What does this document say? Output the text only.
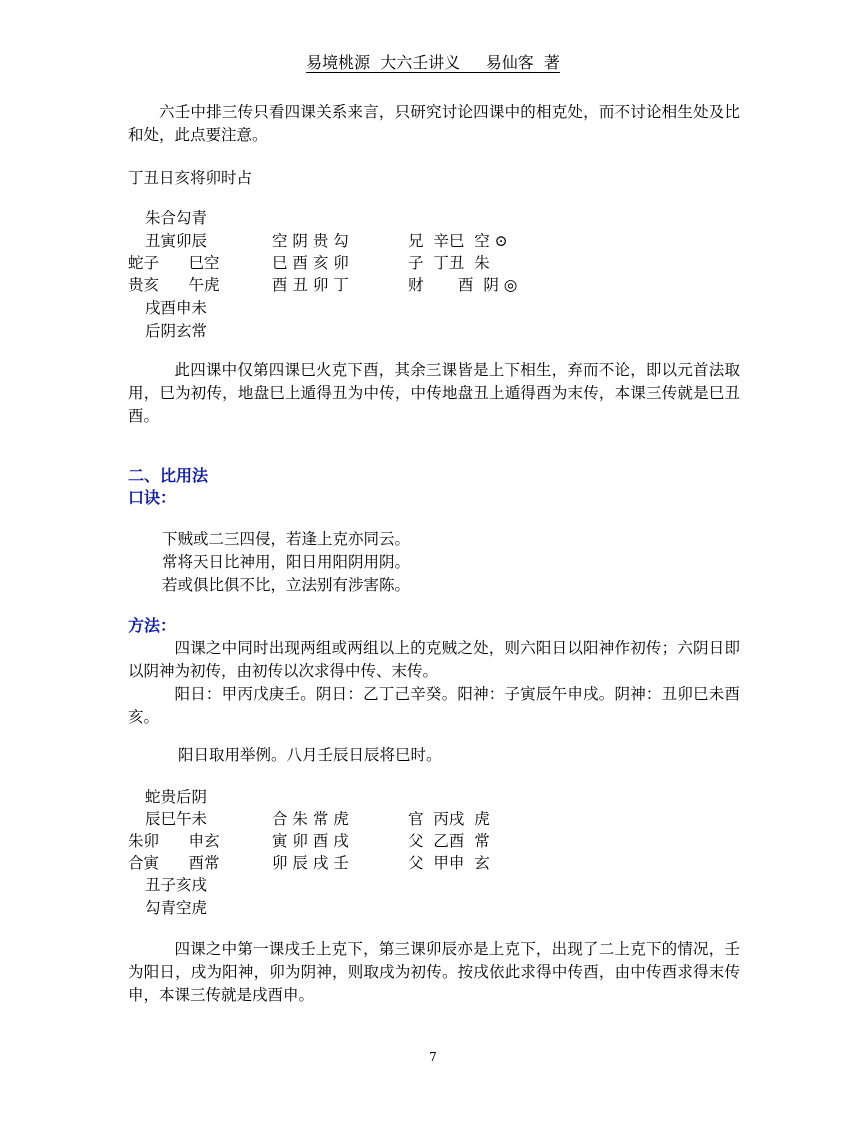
易境桃源  大六壬讲义     易仙客  著

六壬中排三传只看四课关系来言，只研究讨论四课中的相克处，而不讨论相生处及比和处，此点要注意。

丁丑日亥将卯时占
朱合勾青
丑寅卯辰
蛇子      巳空
贵亥      午虎
戌酉申未
后阴玄常
空 阴 贵 勾
巳 酉 亥 卯
酉 丑 卯 丁
兄  辛巳  空 ⊙
子  丁丑  朱
财       酉  阴 ◎

此四课中仅第四课巳火克下酉，其余三课皆是上下相生，弃而不论，即以元首法取用，巳为初传，地盘巳上遁得丑为中传，中传地盘丑上遁得酉为末传，本课三传就是巳丑酉。

二、比用法
口诀：
下贼或二三四侵，若逢上克亦同云。
常将天日比神用，阳日用阳阴用阴。
若或俱比俱不比，立法别有涉害陈。
方法：

四课之中同时出现两组或两组以上的克贼之处，则六阳日以阳神作初传；六阴日即以阴神为初传，由初传以次求得中传、末传。

阳日：甲丙戊庚壬。阴日：乙丁己辛癸。阳神：子寅辰午申戌。阴神：丑卯巳未酉亥。

阳日取用举例。八月壬辰日辰将巳时。
蛇贵后阴
辰巳午未
朱卯      申玄
合寅      酉常
丑子亥戌
勾青空虎
合 朱 常 虎
寅 卯 酉 戌
卯 辰 戌 壬
官  丙戌  虎
父  乙酉  常
父  甲申  玄

四课之中第一课戌壬上克下，第三课卯辰亦是上克下，出现了二上克下的情况，壬为阳日，戌为阳神，卯为阴神，则取戌为初传。按戌依此求得中传酉，由中传酉求得末传申，本课三传就是戌酉申。

7
